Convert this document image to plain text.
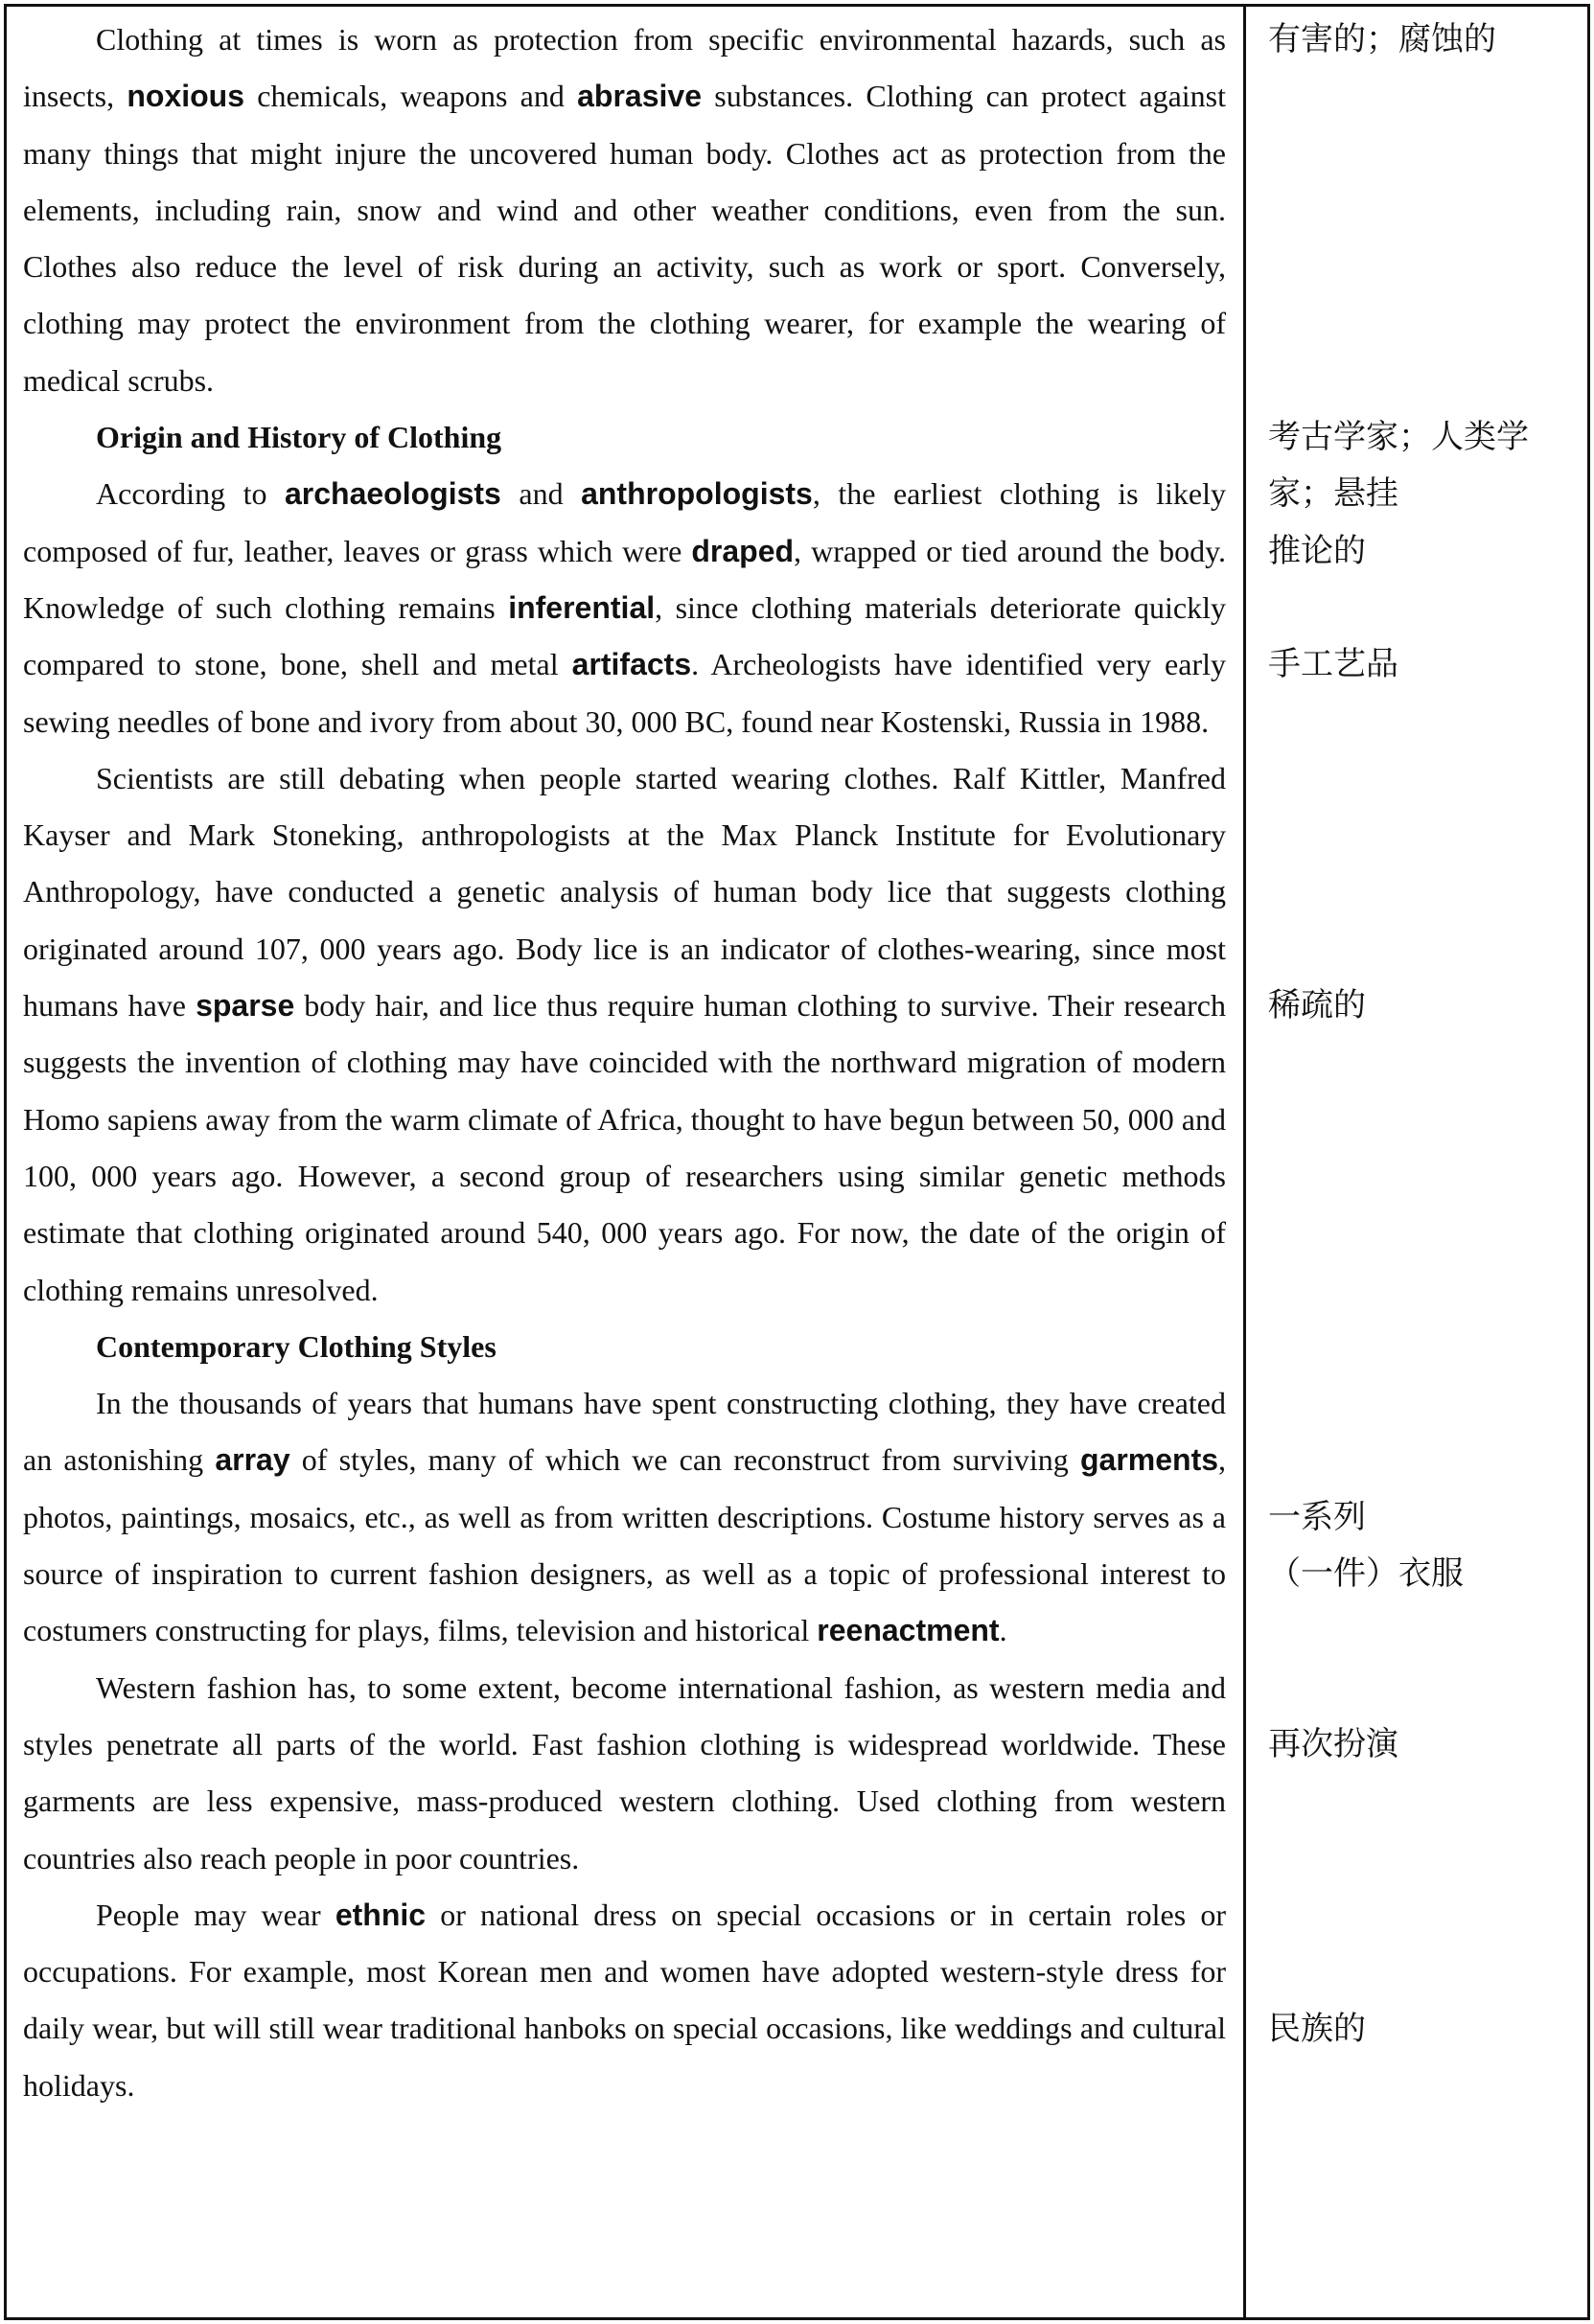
Clothing at times is worn as protection from specific environmental hazards, such as insects, noxious chemicals, weapons and abrasive substances. Clothing can protect against many things that might injure the uncovered human body. Clothes act as protection from the elements, including rain, snow and wind and other weather conditions, even from the sun. Clothes also reduce the level of risk during an activity, such as work or sport. Conversely, clothing may protect the environment from the clothing wearer, for example the wearing of medical scrubs.

Origin and History of Clothing

According to archaeologists and anthropologists, the earliest clothing is likely composed of fur, leather, leaves or grass which were draped, wrapped or tied around the body. Knowledge of such clothing remains inferential, since clothing materials deteriorate quickly compared to stone, bone, shell and metal artifacts. Archeologists have identified very early sewing needles of bone and ivory from about 30, 000 BC, found near Kostenski, Russia in 1988.

Scientists are still debating when people started wearing clothes. Ralf Kittler, Manfred Kayser and Mark Stoneking, anthropologists at the Max Planck Institute for Evolutionary Anthropology, have conducted a genetic analysis of human body lice that suggests clothing originated around 107, 000 years ago. Body lice is an indicator of clothes-wearing, since most humans have sparse body hair, and lice thus require human clothing to survive. Their research suggests the invention of clothing may have coincided with the northward migration of modern Homo sapiens away from the warm climate of Africa, thought to have begun between 50, 000 and 100, 000 years ago. However, a second group of researchers using similar genetic methods estimate that clothing originated around 540, 000 years ago. For now, the date of the origin of clothing remains unresolved.

Contemporary Clothing Styles

In the thousands of years that humans have spent constructing clothing, they have created an astonishing array of styles, many of which we can reconstruct from surviving garments, photos, paintings, mosaics, etc., as well as from written descriptions. Costume history serves as a source of inspiration to current fashion designers, as well as a topic of professional interest to costumers constructing for plays, films, television and historical reenactment.

Western fashion has, to some extent, become international fashion, as western media and styles penetrate all parts of the world. Fast fashion clothing is widespread worldwide. These garments are less expensive, mass-produced western clothing. Used clothing from western countries also reach people in poor countries.

People may wear ethnic or national dress on special occasions or in certain roles or occupations. For example, most Korean men and women have adopted western-style dress for daily wear, but will still wear traditional hanboks on special occasions, like weddings and cultural holidays.

有害的；腐蚀的
考古学家；人类学
家；悬挂
推论的
手工艺品
稀疏的
一系列
（一件）衣服
再次扮演
民族的
